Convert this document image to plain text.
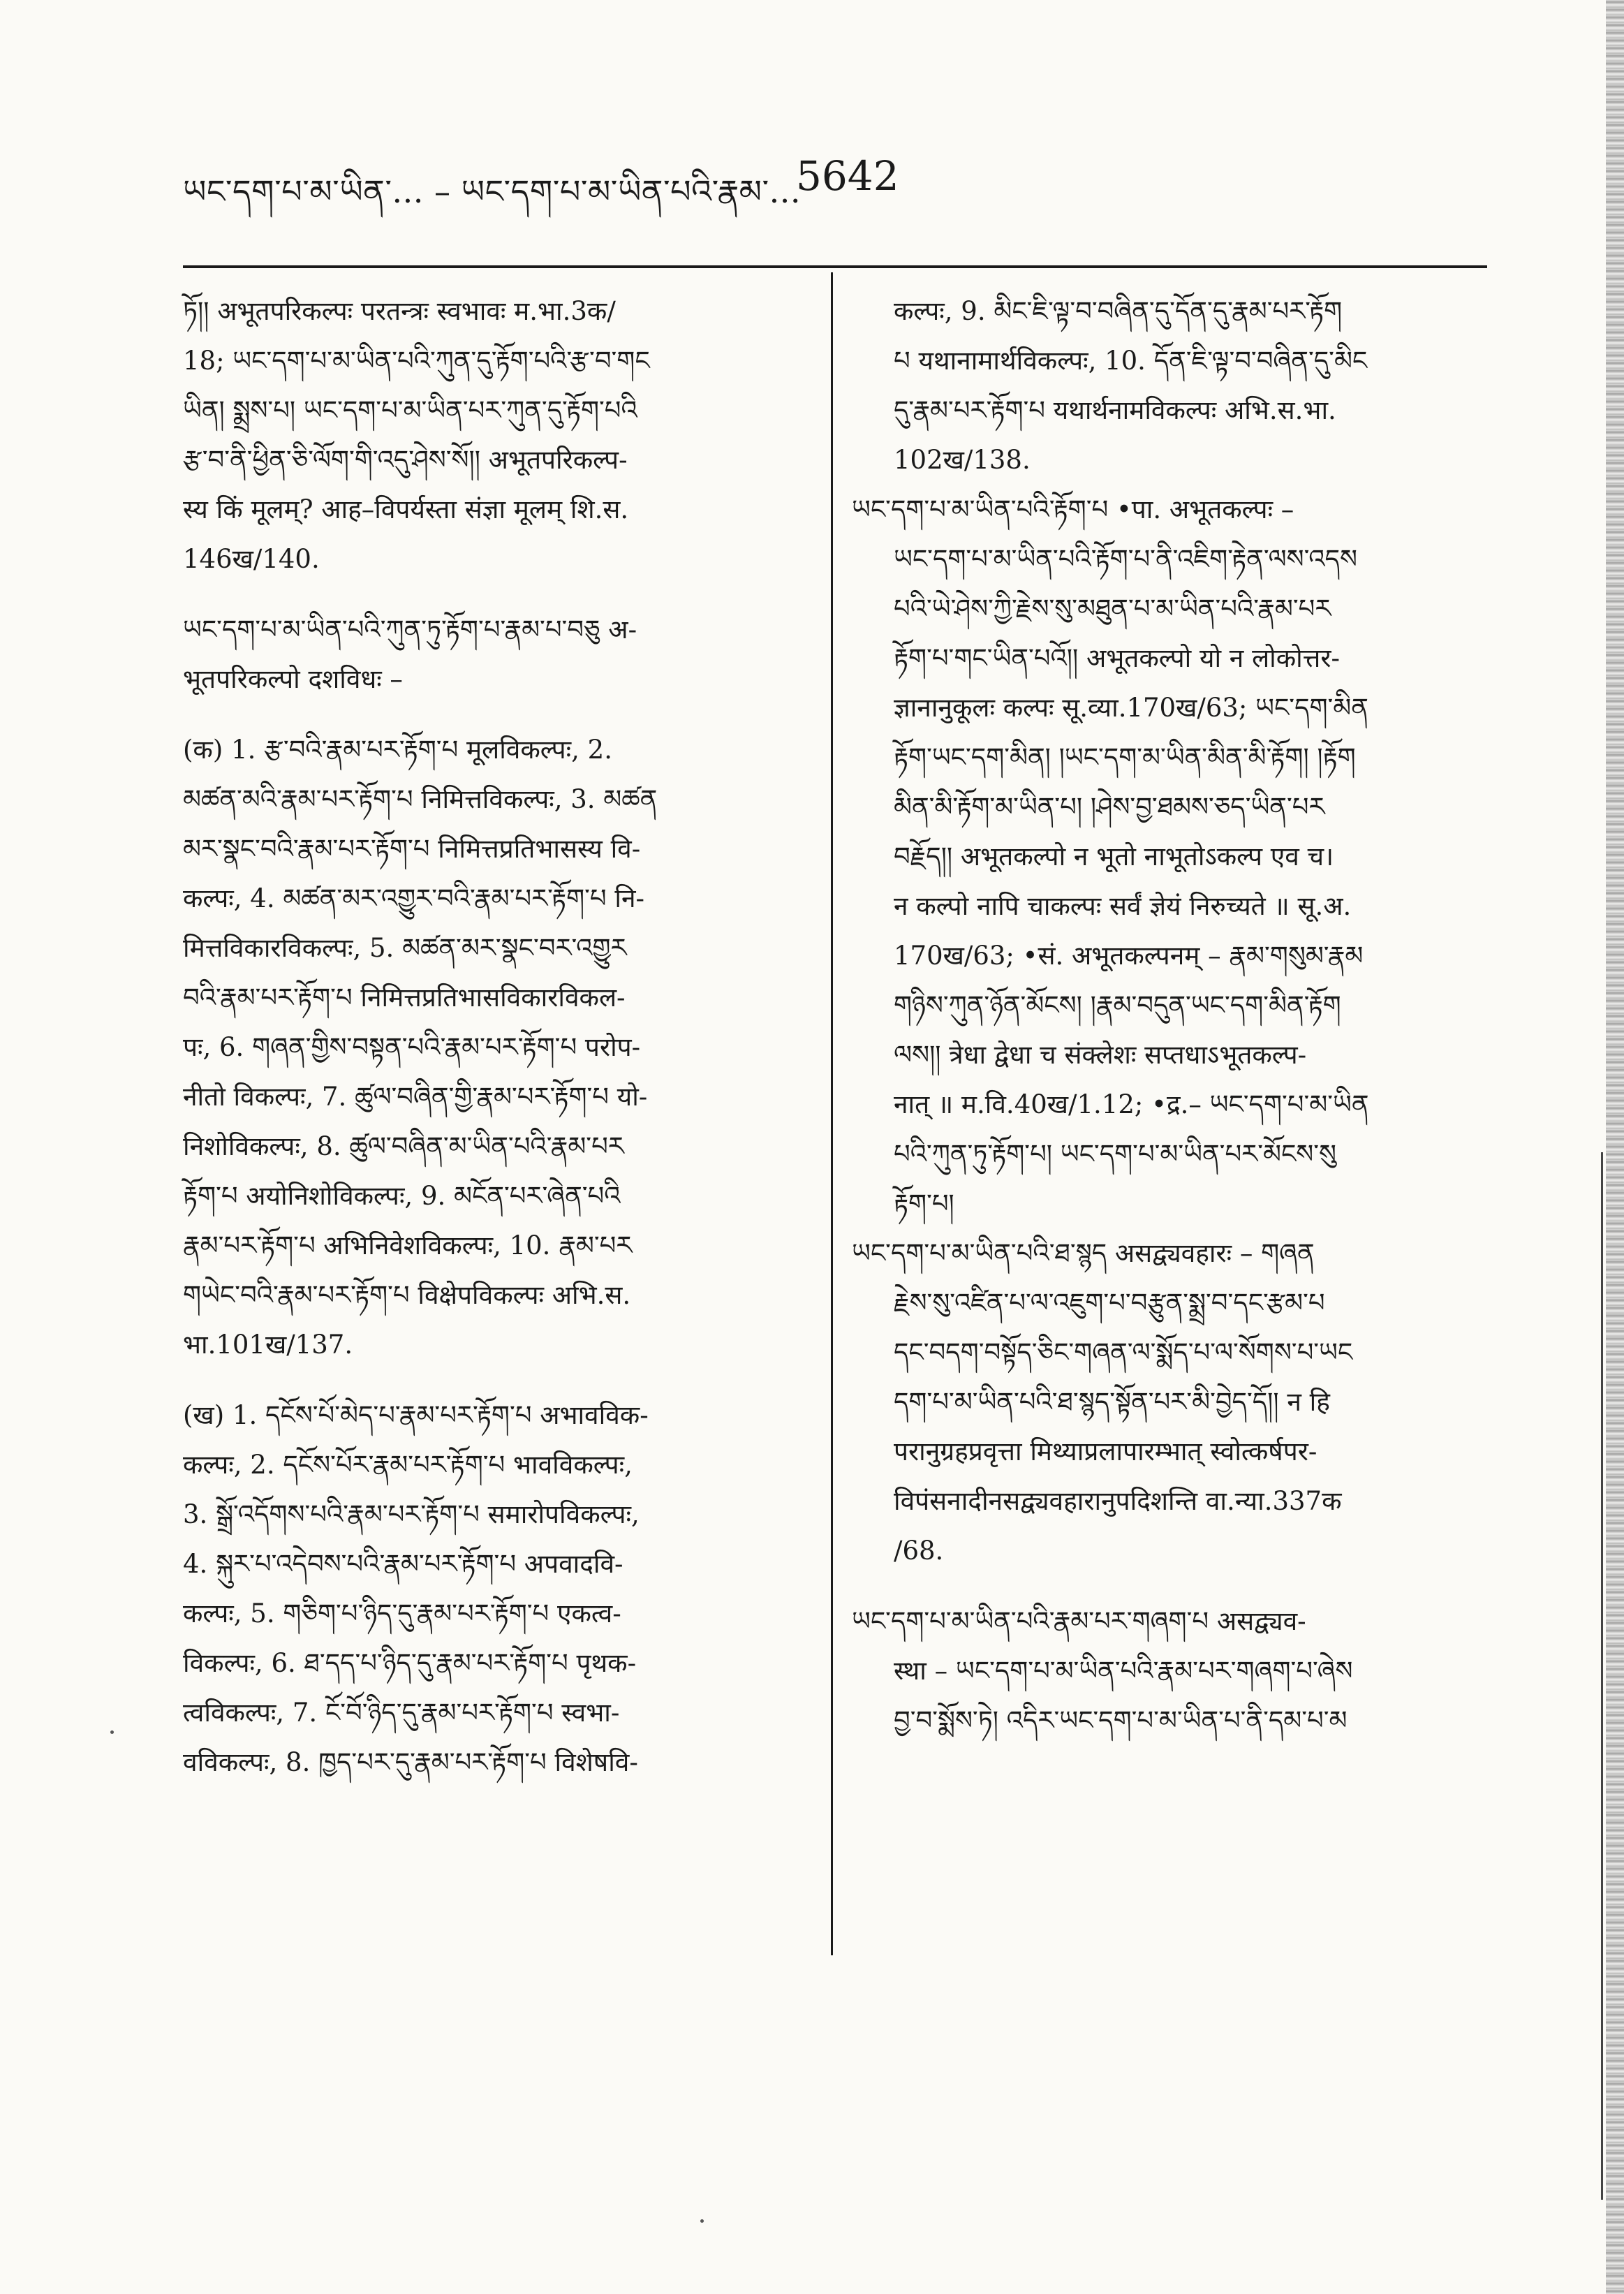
ཡང་དག་པ་མ་ཡིན་... – ཡང་དག་པ་མ་ཡིན་པའི་རྣམ་...
5642
ཏོ།། अभूतपरिकल्पः परतन्त्रः स्वभावः म.भा.3क/
18; ཡང་དག་པ་མ་ཡིན་པའི་ཀུན་དུ་རྟོག་པའི་རྩ་བ་གང
ཡིན། སྨྲས་པ། ཡང་དག་པ་མ་ཡིན་པར་ཀུན་དུ་རྟོག་པའི
རྩ་བ་ནི་ཕྱིན་ཅི་ལོག་གི་འདུ་ཤེས་སོ།། अभूतपरिकल्प-
स्य किं मूलम्? आह–विपर्यस्ता संज्ञा मूलम् शि.स.
146ख/140.
ཡང་དག་པ་མ་ཡིན་པའི་ཀུན་ཏུ་རྟོག་པ་རྣམ་པ་བཅུ अ-
भूतपरिकल्पो दशविधः –
(क) 1. རྩ་བའི་རྣམ་པར་རྟོག་པ मूलविकल्पः, 2.
མཚན་མའི་རྣམ་པར་རྟོག་པ निमित्तविकल्पः, 3. མཚན
མར་སྣང་བའི་རྣམ་པར་རྟོག་པ निमित्तप्रतिभासस्य वि-
कल्पः, 4. མཚན་མར་འགྱུར་བའི་རྣམ་པར་རྟོག་པ नि-
मित्तविकारविकल्पः, 5. མཚན་མར་སྣང་བར་འགྱུར
བའི་རྣམ་པར་རྟོག་པ निमित्तप्रतिभासविकारविकल-
पः, 6. གཞན་གྱིས་བསྟན་པའི་རྣམ་པར་རྟོག་པ परोप-
नीतो विकल्पः, 7. ཚུལ་བཞིན་གྱི་རྣམ་པར་རྟོག་པ यो-
निशोविकल्पः, 8. ཚུལ་བཞིན་མ་ཡིན་པའི་རྣམ་པར
རྟོག་པ अयोनिशोविकल्पः, 9. མངོན་པར་ཞེན་པའི
རྣམ་པར་རྟོག་པ अभिनिवेशविकल्पः, 10. རྣམ་པར
གཡེང་བའི་རྣམ་པར་རྟོག་པ विक्षेपविकल्पः अभि.स.
भा.101ख/137.
(ख) 1. དངོས་པོ་མེད་པ་རྣམ་པར་རྟོག་པ अभावविक-
कल्पः, 2. དངོས་པོར་རྣམ་པར་རྟོག་པ भावविकल्पः,
3. སྒྲོ་འདོགས་པའི་རྣམ་པར་རྟོག་པ समारोपविकल्पः,
4. སྐུར་པ་འདེབས་པའི་རྣམ་པར་རྟོག་པ अपवादवि-
कल्पः, 5. གཅིག་པ་ཉིད་དུ་རྣམ་པར་རྟོག་པ एकत्व-
विकल्पः, 6. ཐ་དད་པ་ཉིད་དུ་རྣམ་པར་རྟོག་པ पृथक-
त्वविकल्पः, 7. ངོ་བོ་ཉིད་དུ་རྣམ་པར་རྟོག་པ स्वभा-
वविकल्पः, 8. ཁྱད་པར་དུ་རྣམ་པར་རྟོག་པ विशेषवि-
कल्पः, 9. མིང་ཇི་ལྟ་བ་བཞིན་དུ་དོན་དུ་རྣམ་པར་རྟོག
པ यथानामार्थविकल्पः, 10. དོན་ཇི་ལྟ་བ་བཞིན་དུ་མིང
དུ་རྣམ་པར་རྟོག་པ यथार्थनामविकल्पः अभि.स.भा.
102ख/138.
ཡང་དག་པ་མ་ཡིན་པའི་རྟོག་པ •पा. अभूतकल्पः –
ཡང་དག་པ་མ་ཡིན་པའི་རྟོག་པ་ནི་འཇིག་རྟེན་ལས་འདས
པའི་ཡེ་ཤེས་ཀྱི་རྗེས་སུ་མཐུན་པ་མ་ཡིན་པའི་རྣམ་པར
རྟོག་པ་གང་ཡིན་པའོ།། अभूतकल्पो यो न लोकोत्तर-
ज्ञानानुकूलः कल्पः सू.व्या.170ख/63; ཡང་དག་མིན
རྟོག་ཡང་དག་མིན། །ཡང་དག་མ་ཡིན་མིན་མི་རྟོག། །རྟོག
མིན་མི་རྟོག་མ་ཡིན་པ། །ཤེས་བྱ་ཐམས་ཅད་ཡིན་པར
བརྗོད།། अभूतकल्पो न भूतो नाभूतोऽकल्प एव च।
न कल्पो नापि चाकल्पः सर्वं ज्ञेयं निरुच्यते ॥ सू.अ.
170ख/63; •सं. अभूतकल्पनम् – རྣམ་གསུམ་རྣམ
གཉིས་ཀུན་ཉོན་མོངས། །རྣམ་བདུན་ཡང་དག་མིན་རྟོག
ལས།། त्रेधा द्वेधा च संक्लेशः सप्तधाऽभूतकल्प-
नात् ॥ म.वि.40ख/1.12; •द्र.– ཡང་དག་པ་མ་ཡིན
པའི་ཀུན་ཏུ་རྟོག་པ། ཡང་དག་པ་མ་ཡིན་པར་མོངས་སུ
རྟོག་པ།
ཡང་དག་པ་མ་ཡིན་པའི་ཐ་སྙད असद्व्यवहारः – གཞན
རྗེས་སུ་འཛིན་པ་ལ་འཇུག་པ་བརྩུན་སྨྲ་བ་དང་རྩམ་པ
དང་བདག་བསྟོད་ཅིང་གཞན་ལ་སྨོད་པ་ལ་སོགས་པ་ཡང
དག་པ་མ་ཡིན་པའི་ཐ་སྙད་སྟོན་པར་མི་བྱེད་དོ།། न हि
परानुग्रहप्रवृत्ता मिथ्याप्रलापारम्भात् स्वोत्कर्षपर-
विपंसनादीनसद्व्यवहारानुपदिशन्ति वा.न्या.337क
/68.
ཡང་དག་པ་མ་ཡིན་པའི་རྣམ་པར་གཞག་པ असद्व्यव-
स्था – ཡང་དག་པ་མ་ཡིན་པའི་རྣམ་པར་གཞག་པ་ཞེས
བྱ་བ་སྨོས་ཏེ། འདིར་ཡང་དག་པ་མ་ཡིན་པ་ནི་དམ་པ་མ
